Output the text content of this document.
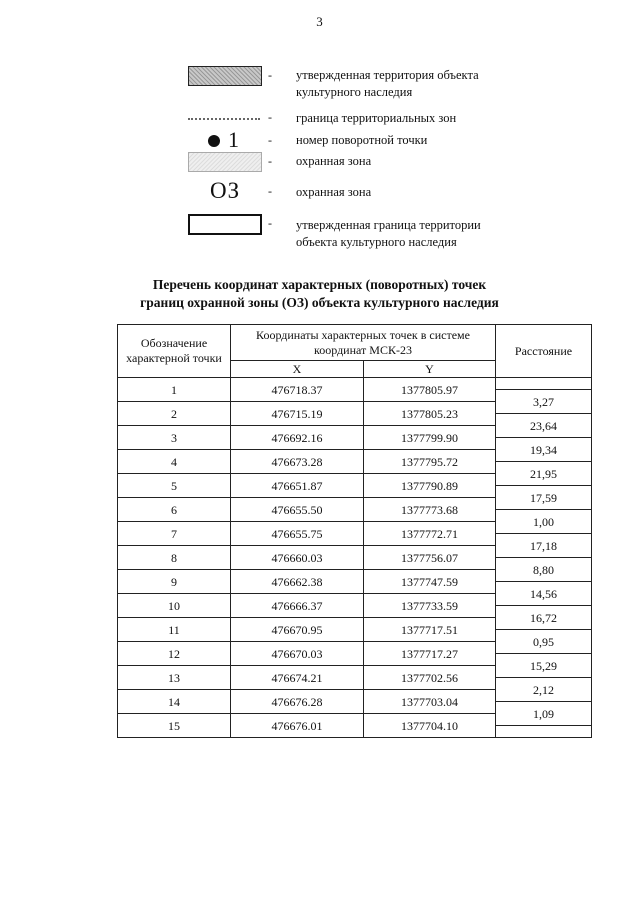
3
- утвержденная территория объекта культурного наследия
- граница территориальных зон
1 - номер поворотной точки
- охранная зона
ОЗ - охранная зона
- утвержденная граница территории объекта культурного наследия
Перечень координат характерных (поворотных) точек
границ охранной зоны (ОЗ) объекта культурного наследия
Обозначение характерной точки	Координаты характерных точек в системе координат МСК-23		Расстояние
	X	Y	
1	476718.37	1377805.97	
			3,27
2	476715.19	1377805.23	
			23,64
3	476692.16	1377799.90	
			19,34
4	476673.28	1377795.72	
			21,95
5	476651.87	1377790.89	
			17,59
6	476655.50	1377773.68	
			1,00
7	476655.75	1377772.71	
			17,18
8	476660.03	1377756.07	
			8,80
9	476662.38	1377747.59	
			14,56
10	476666.37	1377733.59	
			16,72
11	476670.95	1377717.51	
			0,95
12	476670.03	1377717.27	
			15,29
13	476674.21	1377702.56	
			2,12
14	476676.28	1377703.04	
			1,09
15	476676.01	1377704.10	
